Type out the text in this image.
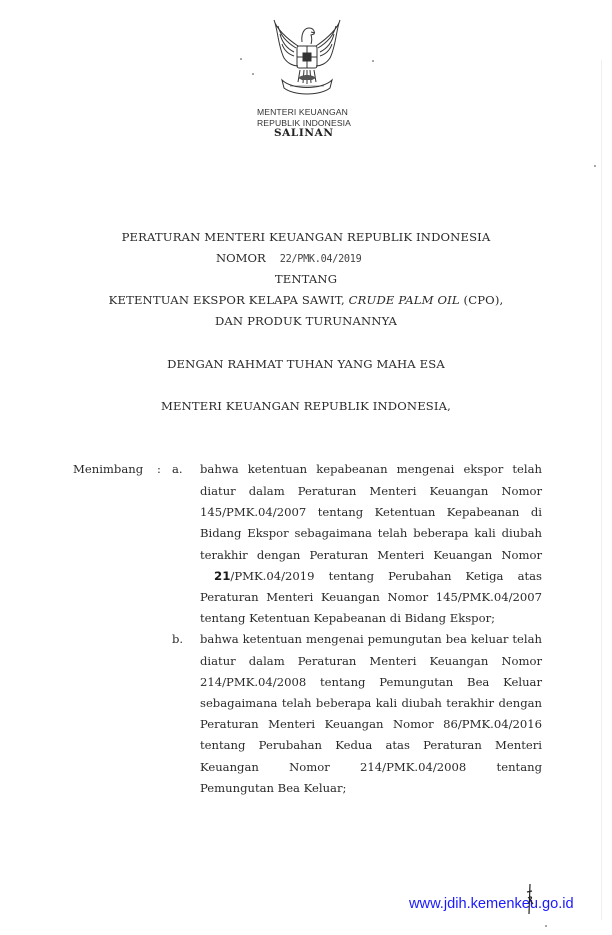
MENTERI KEUANGAN
REPUBLIK INDONESIA
SALINAN
PERATURAN MENTERI KEUANGAN REPUBLIK INDONESIA
NOMOR 22/PMK.04/2019
TENTANG
KETENTUAN EKSPOR KELAPA SAWIT, CRUDE PALM OIL (CPO),
DAN PRODUK TURUNANNYA
DENGAN RAHMAT TUHAN YANG MAHA ESA
MENTERI KEUANGAN REPUBLIK INDONESIA,
Menimbang : a. bahwa ketentuan kepabeanan mengenai ekspor telah
diatur dalam Peraturan Menteri Keuangan Nomor
145/PMK.04/2007 tentang Ketentuan Kepabeanan di
Bidang Ekspor sebagaimana telah beberapa kali diubah
terakhir dengan Peraturan Menteri Keuangan Nomor
21/PMK.04/2019 tentang Perubahan Ketiga atas
Peraturan Menteri Keuangan Nomor 145/PMK.04/2007
tentang Ketentuan Kepabeanan di Bidang Ekspor;
b. bahwa ketentuan mengenai pemungutan bea keluar telah
diatur dalam Peraturan Menteri Keuangan Nomor
214/PMK.04/2008 tentang Pemungutan Bea Keluar
sebagaimana telah beberapa kali diubah terakhir dengan
Peraturan Menteri Keuangan Nomor 86/PMK.04/2016
tentang Perubahan Kedua atas Peraturan Menteri
Keuangan Nomor 214/PMK.04/2008 tentang
Pemungutan Bea Keluar;
www.jdih.kemenkeu.go.id
